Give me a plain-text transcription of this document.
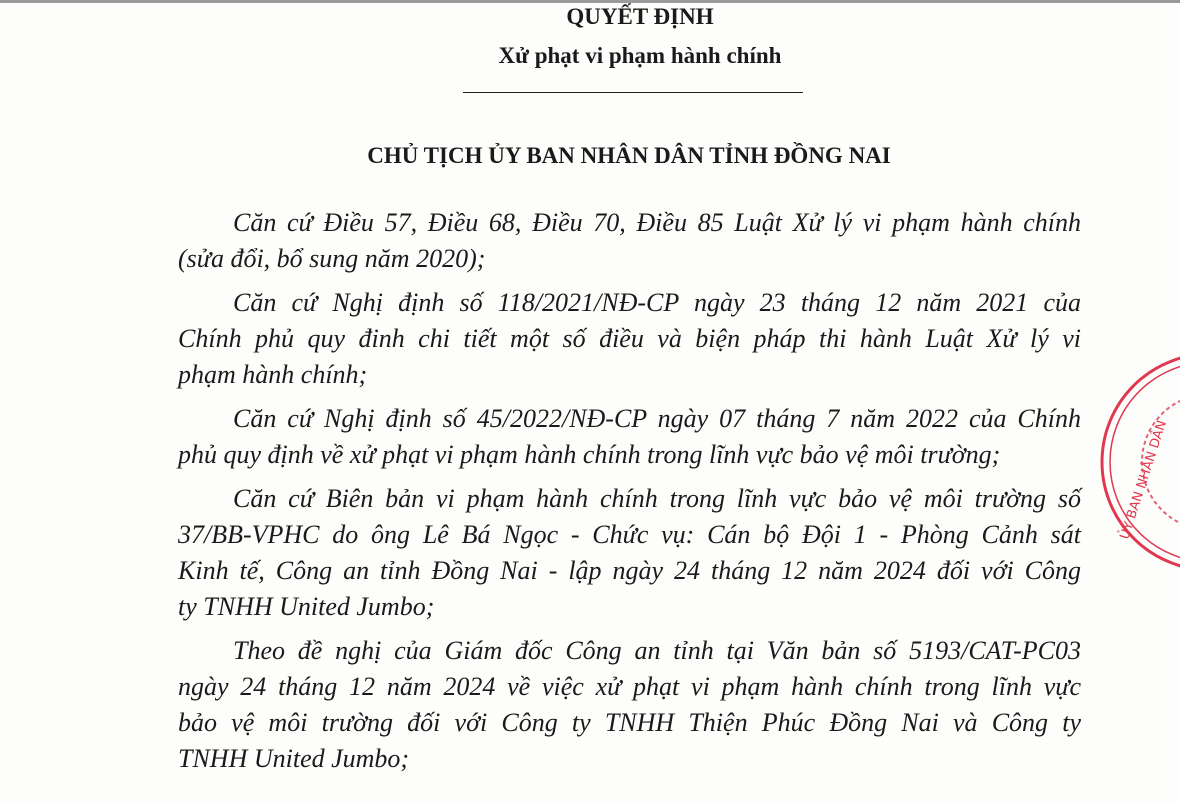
QUYẾT ĐỊNH
Xử phạt vi phạm hành chính
CHỦ TỊCH ỦY BAN NHÂN DÂN TỈNH ĐỒNG NAI
Căn cứ Điều 57, Điều 68, Điều 70, Điều 85 Luật Xử lý vi phạm hành chính
(sửa đổi, bổ sung năm 2020);
Căn cứ Nghị định số 118/2021/NĐ-CP ngày 23 tháng 12 năm 2021 của
Chính phủ quy đinh chi tiết một số điều và biện pháp thi hành Luật Xử lý vi
phạm hành chính;
Căn cứ Nghị định số 45/2022/NĐ-CP ngày 07 tháng 7 năm 2022 của Chính
phủ quy định về xử phạt vi phạm hành chính trong lĩnh vực bảo vệ môi trường;
Căn cứ Biên bản vi phạm hành chính trong lĩnh vực bảo vệ môi trường số
37/BB-VPHC do ông Lê Bá Ngọc - Chức vụ: Cán bộ Đội 1 - Phòng Cảnh sát
Kinh tế, Công an tỉnh Đồng Nai - lập ngày 24 tháng 12 năm 2024 đối với Công
ty TNHH United Jumbo;
Theo đề nghị của Giám đốc Công an tỉnh tại Văn bản số 5193/CAT-PC03
ngày 24 tháng 12 năm 2024 về việc xử phạt vi phạm hành chính trong lĩnh vực
bảo vệ môi trường đối với Công ty TNHH Thiện Phúc Đồng Nai và Công ty
TNHH United Jumbo;
ỦY BAN NHÂN DÂN
